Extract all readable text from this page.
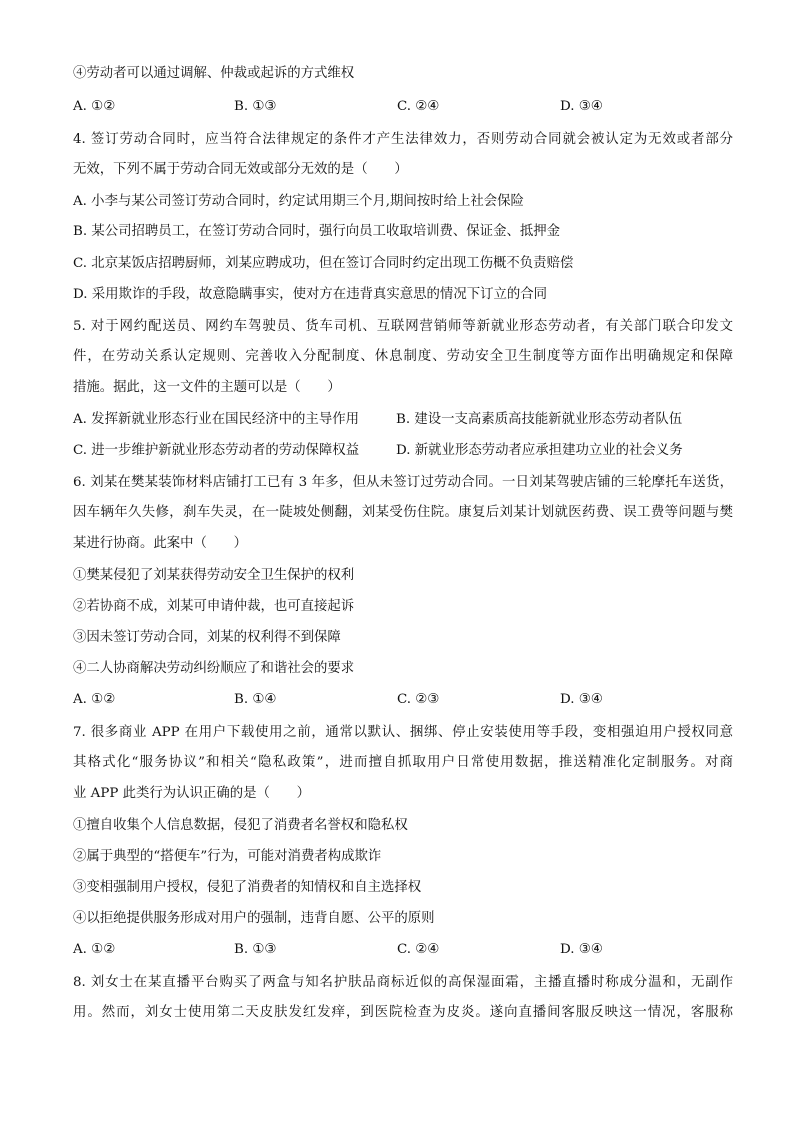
④劳动者可以通过调解、仲裁或起诉的方式维权
A. ①②	B. ①③	C. ②④	D. ③④
4. 签订劳动合同时，应当符合法律规定的条件才产生法律效力，否则劳动合同就会被认定为无效或者部分
无效，下列不属于劳动合同无效或部分无效的是（　　）
A. 小李与某公司签订劳动合同时，约定试用期三个月,期间按时给上社会保险
B. 某公司招聘员工，在签订劳动合同时，强行向员工收取培训费、保证金、抵押金
C. 北京某饭店招聘厨师，刘某应聘成功，但在签订合同时约定出现工伤概不负责赔偿
D. 采用欺诈的手段，故意隐瞒事实，使对方在违背真实意思的情况下订立的合同
5. 对于网约配送员、网约车驾驶员、货车司机、互联网营销师等新就业形态劳动者，有关部门联合印发文
件，在劳动关系认定规则、完善收入分配制度、休息制度、劳动安全卫生制度等方面作出明确规定和保障
措施。据此，这一文件的主题可以是（　　）
A. 发挥新就业形态行业在国民经济中的主导作用	B. 建设一支高素质高技能新就业形态劳动者队伍
C. 进一步维护新就业形态劳动者的劳动保障权益	D. 新就业形态劳动者应承担建功立业的社会义务
6. 刘某在樊某装饰材料店铺打工已有 3 年多，但从未签订过劳动合同。一日刘某驾驶店铺的三轮摩托车送货，
因车辆年久失修，刹车失灵，在一陡坡处侧翻，刘某受伤住院。康复后刘某计划就医药费、误工费等问题与樊
某进行协商。此案中（　　）
①樊某侵犯了刘某获得劳动安全卫生保护的权利
②若协商不成，刘某可申请仲裁，也可直接起诉
③因未签订劳动合同，刘某的权利得不到保障
④二人协商解决劳动纠纷顺应了和谐社会的要求
A. ①②	B. ①④	C. ②③	D. ③④
7. 很多商业 APP 在用户下载使用之前，通常以默认、捆绑、停止安装使用等手段，变相强迫用户授权同意
其格式化“服务协议”和相关“隐私政策”，进而擅自抓取用户日常使用数据，推送精准化定制服务。对商
业 APP 此类行为认识正确的是（　　）
①擅自收集个人信息数据，侵犯了消费者名誉权和隐私权
②属于典型的“搭便车”行为，可能对消费者构成欺诈
③变相强制用户授权，侵犯了消费者的知情权和自主选择权
④以拒绝提供服务形成对用户的强制，违背自愿、公平的原则
A. ①②	B. ①③	C. ②④	D. ③④
8. 刘女士在某直播平台购买了两盒与知名护肤品商标近似的高保湿面霜，主播直播时称成分温和，无副作
用。然而，刘女士使用第二天皮肤发红发痒，到医院检查为皮炎。遂向直播间客服反映这一情况，客服称
